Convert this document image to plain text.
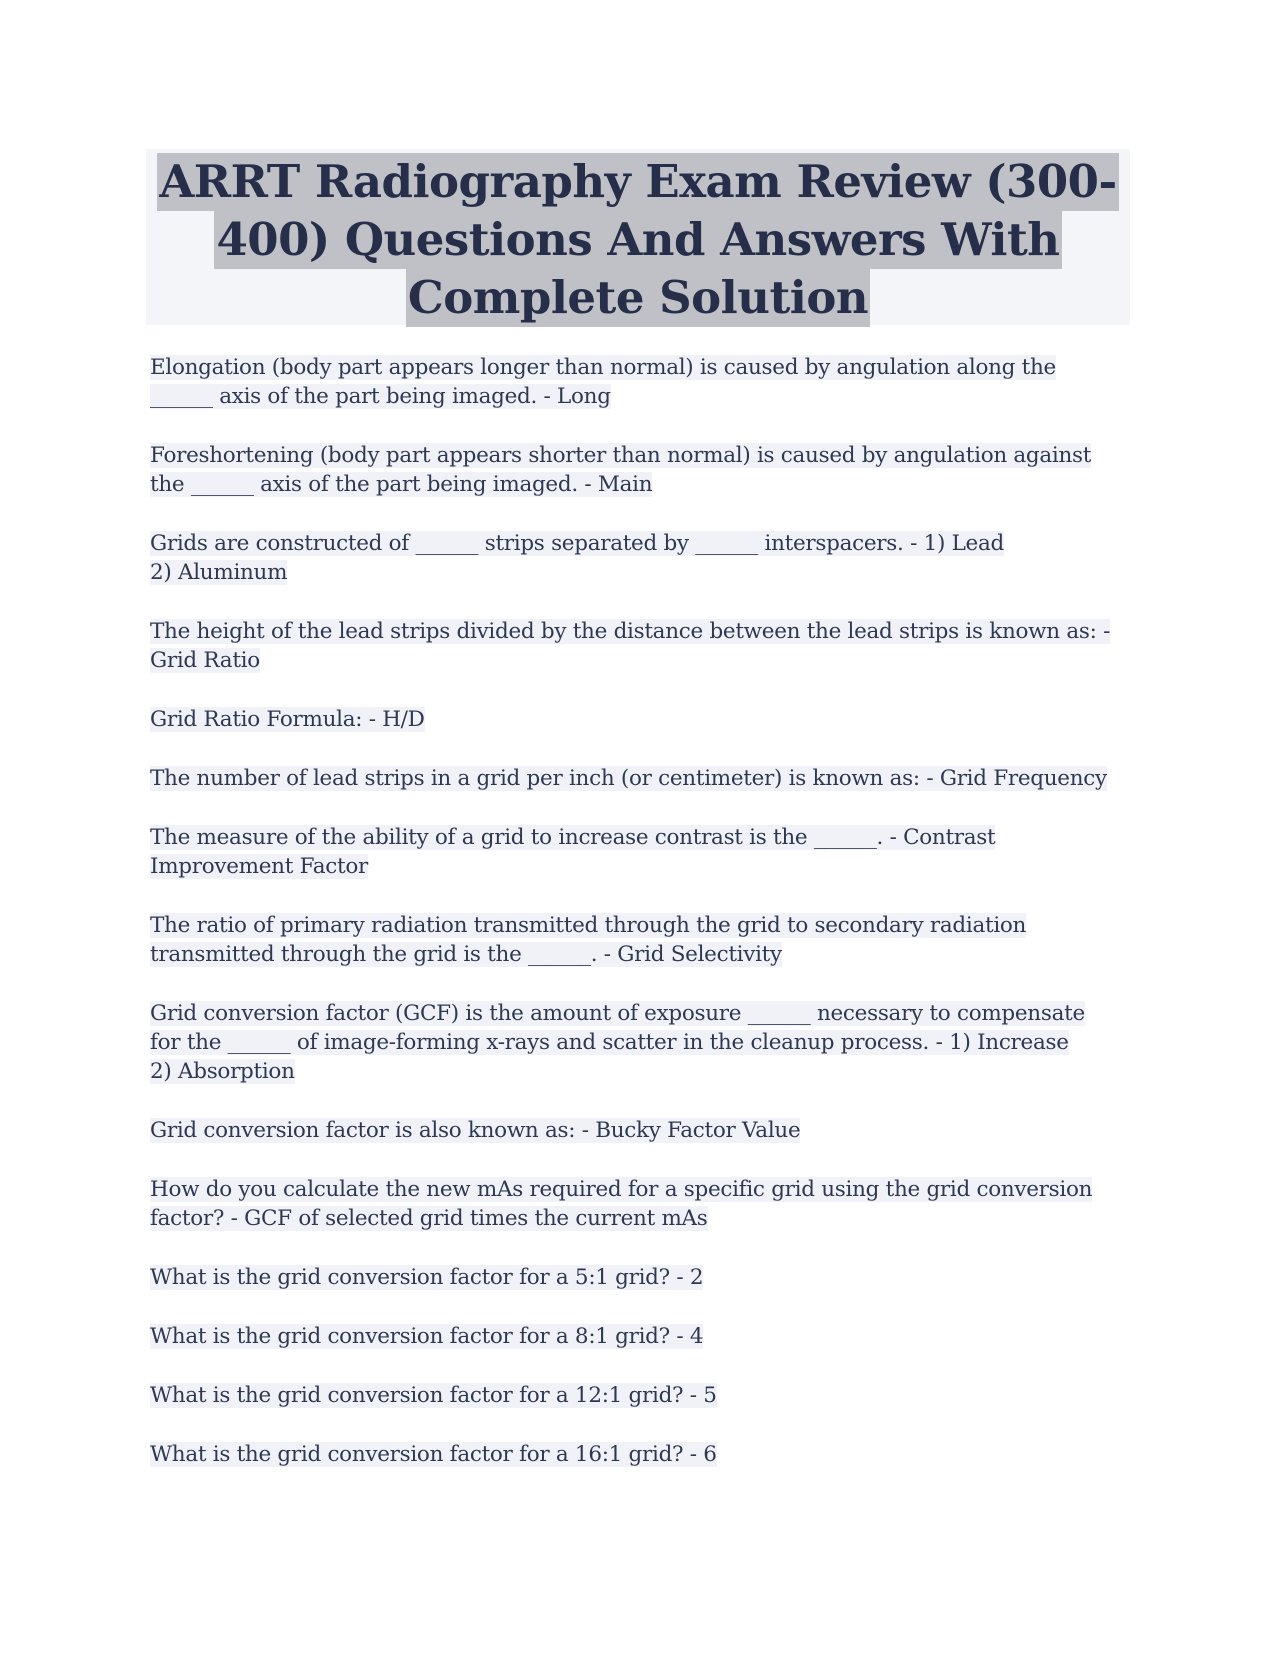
ARRT Radiography Exam Review (300-
400) Questions And Answers With
Complete Solution

Elongation (body part appears longer than normal) is caused by angulation along the
______ axis of the part being imaged. - Long

Foreshortening (body part appears shorter than normal) is caused by angulation against
the ______ axis of the part being imaged. - Main

Grids are constructed of ______ strips separated by ______ interspacers. - 1) Lead
2) Aluminum

The height of the lead strips divided by the distance between the lead strips is known as: -
Grid Ratio

Grid Ratio Formula: - H/D

The number of lead strips in a grid per inch (or centimeter) is known as: - Grid Frequency

The measure of the ability of a grid to increase contrast is the ______. - Contrast
Improvement Factor

The ratio of primary radiation transmitted through the grid to secondary radiation
transmitted through the grid is the ______. - Grid Selectivity

Grid conversion factor (GCF) is the amount of exposure ______ necessary to compensate
for the ______ of image-forming x-rays and scatter in the cleanup process. - 1) Increase
2) Absorption

Grid conversion factor is also known as: - Bucky Factor Value

How do you calculate the new mAs required for a specific grid using the grid conversion
factor? - GCF of selected grid times the current mAs

What is the grid conversion factor for a 5:1 grid? - 2

What is the grid conversion factor for a 8:1 grid? - 4

What is the grid conversion factor for a 12:1 grid? - 5

What is the grid conversion factor for a 16:1 grid? - 6
